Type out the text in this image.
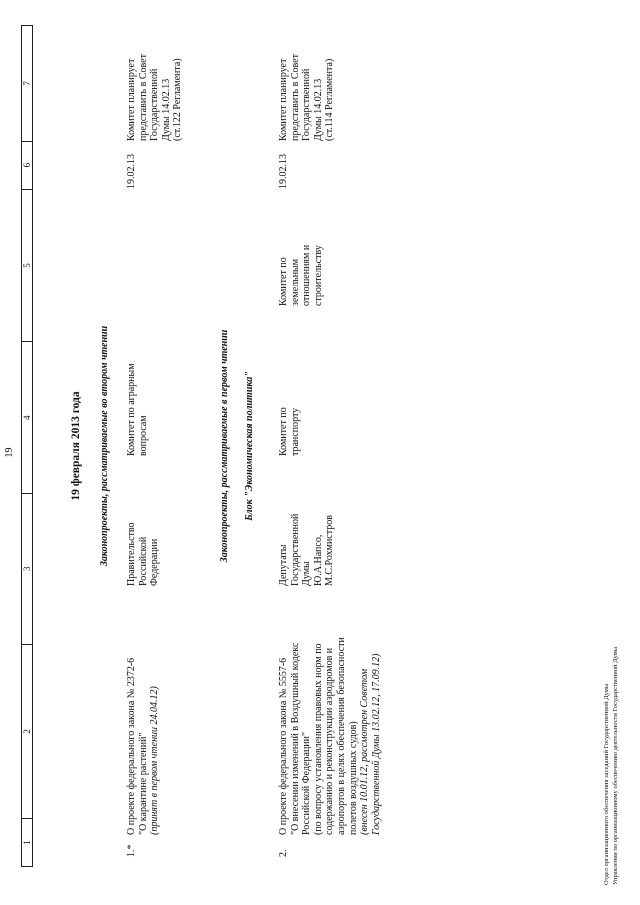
19
1
2
3
4
5
6
7
19 февраля 2013 года Законопроекты, рассматриваемые во втором чтении
1.*
О проекте федерального закона № 2372-6 "О карантине растений" (принят в первом чтении 24.04.12)
Правительство Российской Федерации
Комитет по аграрным вопросам
19.02.13
Комитет планирует представить в Совет Государственной Думы 14.02.13 (ст.122 Регламента)
Законопроекты, рассматриваемые в первом чтении Блок "Экономическая политика"
2.
О проекте федерального закона № 5557-6 "О внесении изменений в Воздушный кодекс Российской Федерации" (по вопросу установления правовых норм по содержанию и реконструкции аэродромов и аэропортов в целях обеспечения безопасности полетов воздушных судов) (внесен 10.01.12, рассмотрен Советом Государственной Думы 13.02.12, 17.09.12)
Депутаты Государственной Думы Ю.А.Напсо, М.С.Рохмистров
Комитет по транспорту
Комитет по земельным отношениям и строительству
19.02.13
Комитет планирует представить в Совет Государственной Думы 14.02.13 (ст.114 Регламента)
Отдел организационного обеспечения заседаний Государственной Думы Управления по организационному обеспечению деятельности Государственной Думы
